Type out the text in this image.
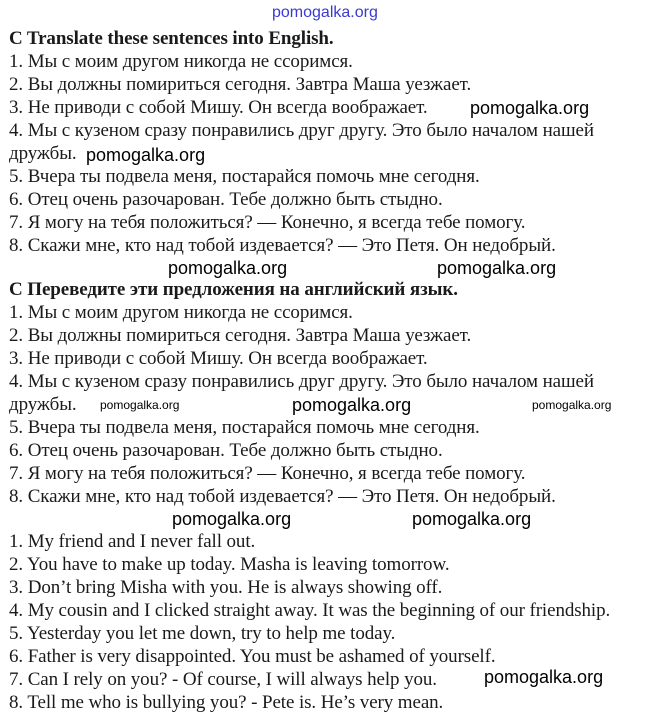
pomogalka.org
C Translate these sentences into English.
1. Мы с моим другом никогда не ссоримся.
2. Вы должны помириться сегодня. Завтра Маша уезжает.
3. Не приводи с собой Мишу. Он всегда воображает.
4. Мы с кузеном сразу понравились друг другу. Это было началом нашей
дружбы.
5. Вчера ты подвела меня, постарайся помочь мне сегодня.
6. Отец очень разочарован. Тебе должно быть стыдно.
7. Я могу на тебя положиться? — Конечно, я всегда тебе помогу.
8. Скажи мне, кто над тобой издевается? — Это Петя. Он недобрый.
C Переведите эти предложения на английский язык.
1. Мы с моим другом никогда не ссоримся.
2. Вы должны помириться сегодня. Завтра Маша уезжает.
3. Не приводи с собой Мишу. Он всегда воображает.
4. Мы с кузеном сразу понравились друг другу. Это было началом нашей
дружбы.
5. Вчера ты подвела меня, постарайся помочь мне сегодня.
6. Отец очень разочарован. Тебе должно быть стыдно.
7. Я могу на тебя положиться? — Конечно, я всегда тебе помогу.
8. Скажи мне, кто над тобой издевается? — Это Петя. Он недобрый.
1. My friend and I never fall out.
2. You have to make up today. Masha is leaving tomorrow.
3. Don’t bring Misha with you. He is always showing off.
4. My cousin and I clicked straight away. It was the beginning of our friendship.
5. Yesterday you let me down, try to help me today.
6. Father is very disappointed. You must be ashamed of yourself.
7. Can I rely on you? - Of course, I will always help you.
8. Tell me who is bullying you? - Pete is. He’s very mean.
pomogalka.org
pomogalka.org
pomogalka.org
pomogalka.org
pomogalka.org	pomogalka.org	pomogalka.org
pomogalka.org	pomogalka.org
pomogalka.org
